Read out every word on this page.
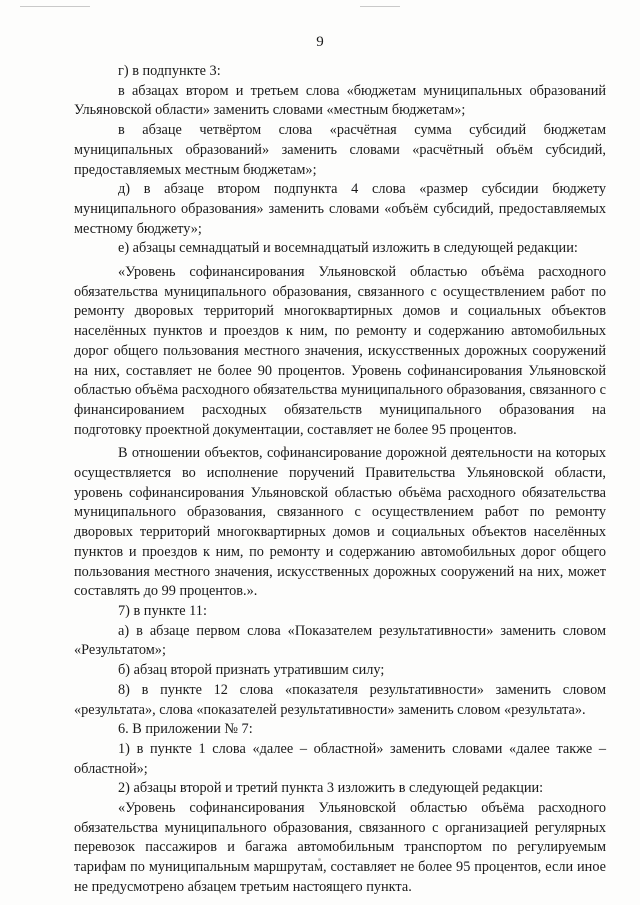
9

г) в подпункте 3:

в абзацах втором и третьем слова «бюджетам муниципальных образований Ульяновской области» заменить словами «местным бюджетам»;

в абзаце четвёртом слова «расчётная сумма субсидий бюджетам муниципальных образований» заменить словами «расчётный объём субсидий, предоставляемых местным бюджетам»;

д) в абзаце втором подпункта 4 слова «размер субсидии бюджету муниципального образования» заменить словами «объём субсидий, предоставляемых местному бюджету»;

е) абзацы семнадцатый и восемнадцатый изложить в следующей редакции:

«Уровень софинансирования Ульяновской областью объёма расходного обязательства муниципального образования, связанного с осуществлением работ по ремонту дворовых территорий многоквартирных домов и социальных объектов населённых пунктов и проездов к ним, по ремонту и содержанию автомобильных дорог общего пользования местного значения, искусственных дорожных сооружений на них, составляет не более 90 процентов. Уровень софинансирования Ульяновской областью объёма расходного обязательства муниципального образования, связанного с финансированием расходных обязательств муниципального образования на подготовку проектной документации, составляет не более 95 процентов.

В отношении объектов, софинансирование дорожной деятельности на которых осуществляется во исполнение поручений Правительства Ульяновской области, уровень софинансирования Ульяновской областью объёма расходного обязательства муниципального образования, связанного с осуществлением работ по ремонту дворовых территорий многоквартирных домов и социальных объектов населённых пунктов и проездов к ним, по ремонту и содержанию автомобильных дорог общего пользования местного значения, искусственных дорожных сооружений на них, может составлять до 99 процентов.».

7) в пункте 11:

а) в абзаце первом слова «Показателем результативности» заменить словом «Результатом»;

б) абзац второй признать утратившим силу;

8) в пункте 12 слова «показателя результативности» заменить словом «результата», слова «показателей результативности» заменить словом «результата».

6. В приложении № 7:

1) в пункте 1 слова «далее – областной» заменить словами «далее также – областной»;

2) абзацы второй и третий пункта 3 изложить в следующей редакции:

«Уровень софинансирования Ульяновской областью объёма расходного обязательства муниципального образования, связанного с организацией регулярных перевозок пассажиров и багажа автомобильным транспортом по регулируемым тарифам по муниципальным маршрутам, составляет не более 95 процентов, если иное не предусмотрено абзацем третьим настоящего пункта.
